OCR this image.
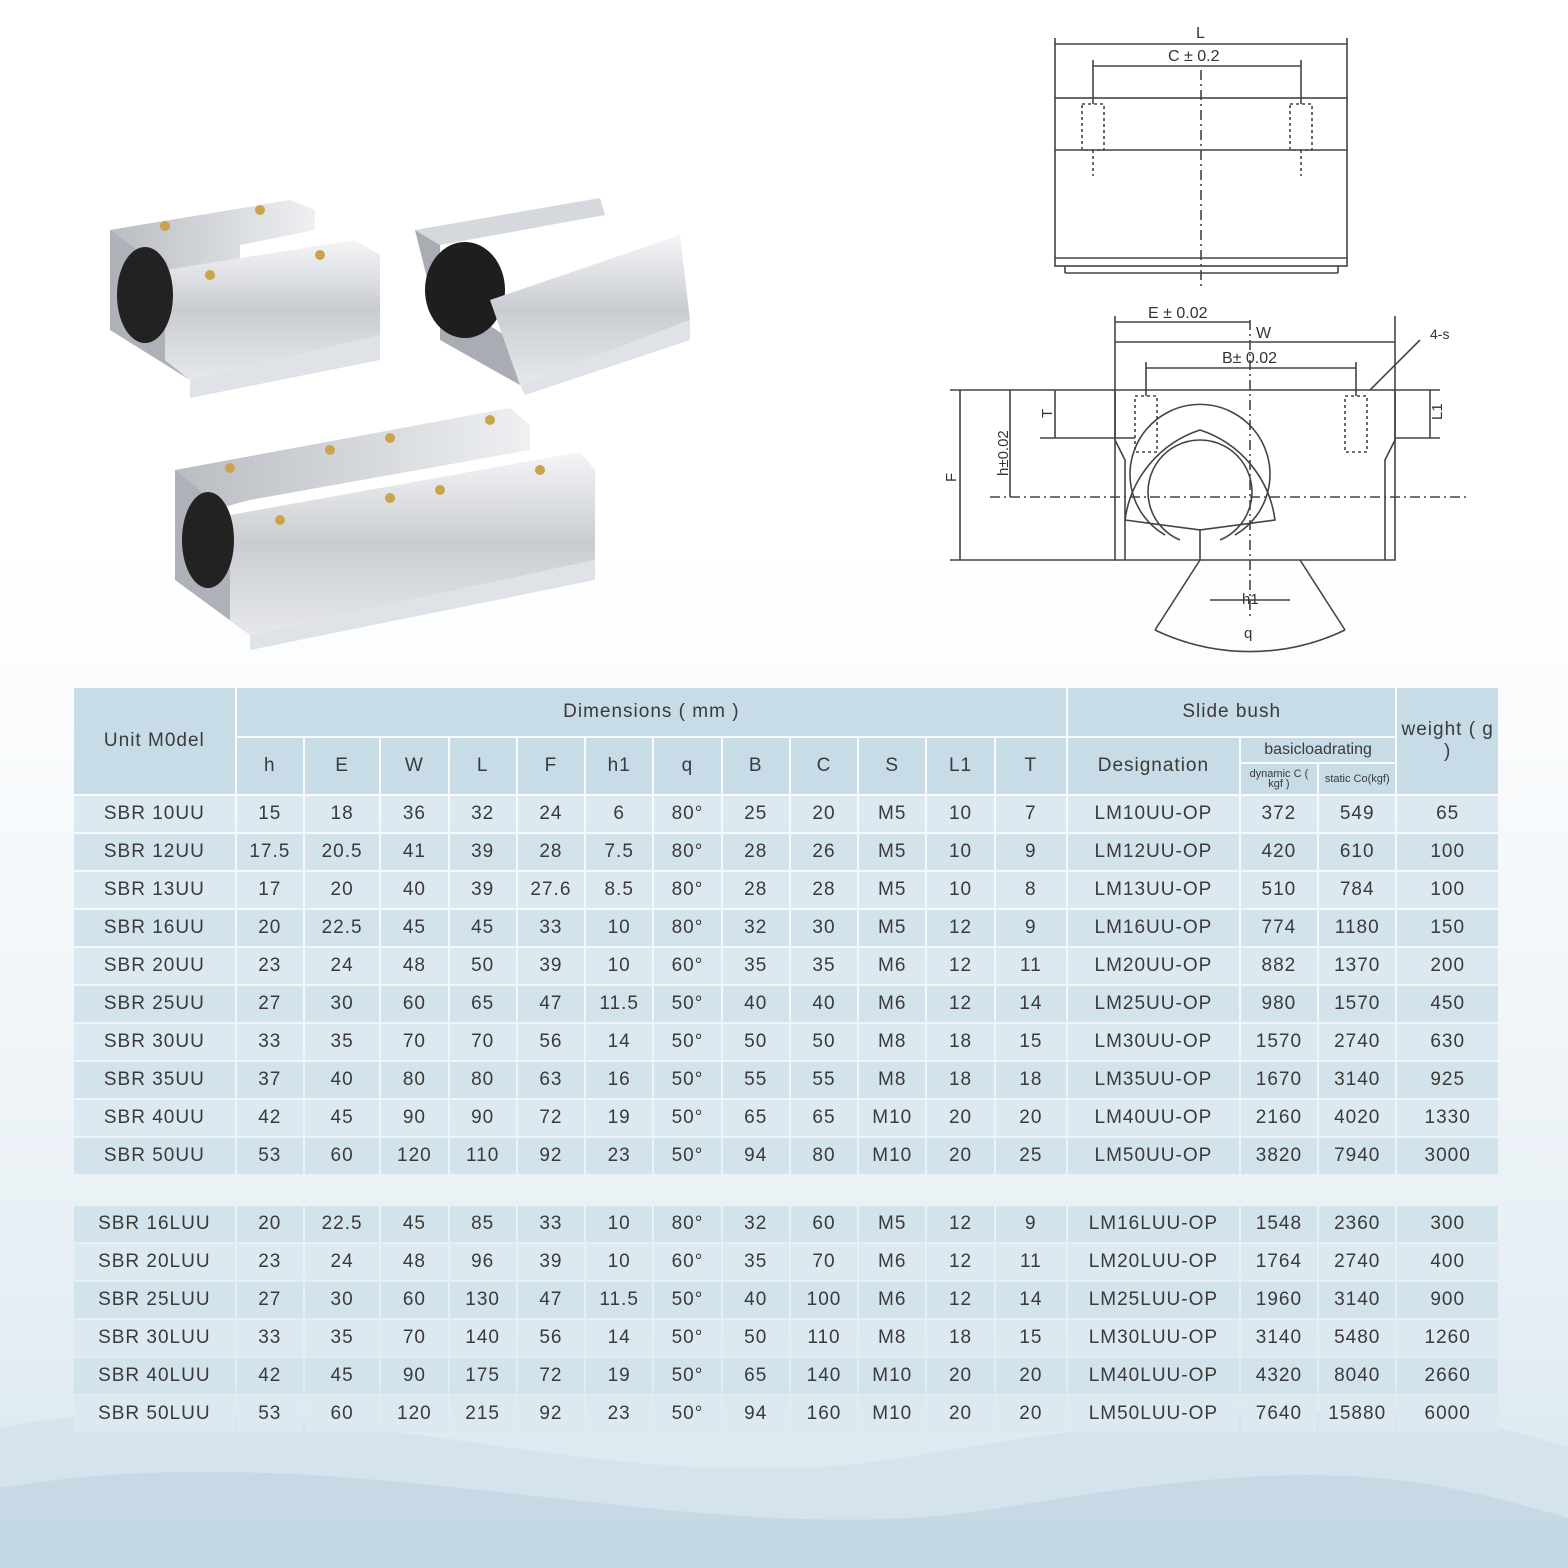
L
C ± 0.2
E ± 0.02
W
B± 0.02
4-s
T	L1
h±0.02
F
h1
q
Unit M0del	Dimensions ( mm )												Slide bush			weight ( g )
	h	E	W	L	F	h1	q	B	C	S	L1	T	Designation	basicloadrating		
														dynamic C ( kgf )	static Co(kgf)	
SBR 10UU	15	18	36	32	24	6	80°	25	20	M5	10	7	LM10UU-OP	372	549	65
SBR 12UU	17.5	20.5	41	39	28	7.5	80°	28	26	M5	10	9	LM12UU-OP	420	610	100
SBR 13UU	17	20	40	39	27.6	8.5	80°	28	28	M5	10	8	LM13UU-OP	510	784	100
SBR 16UU	20	22.5	45	45	33	10	80°	32	30	M5	12	9	LM16UU-OP	774	1180	150
SBR 20UU	23	24	48	50	39	10	60°	35	35	M6	12	11	LM20UU-OP	882	1370	200
SBR 25UU	27	30	60	65	47	11.5	50°	40	40	M6	12	14	LM25UU-OP	980	1570	450
SBR 30UU	33	35	70	70	56	14	50°	50	50	M8	18	15	LM30UU-OP	1570	2740	630
SBR 35UU	37	40	80	80	63	16	50°	55	55	M8	18	18	LM35UU-OP	1670	3140	925
SBR 40UU	42	45	90	90	72	19	50°	65	65	M10	20	20	LM40UU-OP	2160	4020	1330
SBR 50UU	53	60	120	110	92	23	50°	94	80	M10	20	25	LM50UU-OP	3820	7940	3000

SBR 16LUU	20	22.5	45	85	33	10	80°	32	60	M5	12	9	LM16LUU-OP	1548	2360	300
SBR 20LUU	23	24	48	96	39	10	60°	35	70	M6	12	11	LM20LUU-OP	1764	2740	400
SBR 25LUU	27	30	60	130	47	11.5	50°	40	100	M6	12	14	LM25LUU-OP	1960	3140	900
SBR 30LUU	33	35	70	140	56	14	50°	50	110	M8	18	15	LM30LUU-OP	3140	5480	1260
SBR 40LUU	42	45	90	175	72	19	50°	65	140	M10	20	20	LM40LUU-OP	4320	8040	2660
SBR 50LUU	53	60	120	215	92	23	50°	94	160	M10	20	20	LM50LUU-OP	7640	15880	6000
